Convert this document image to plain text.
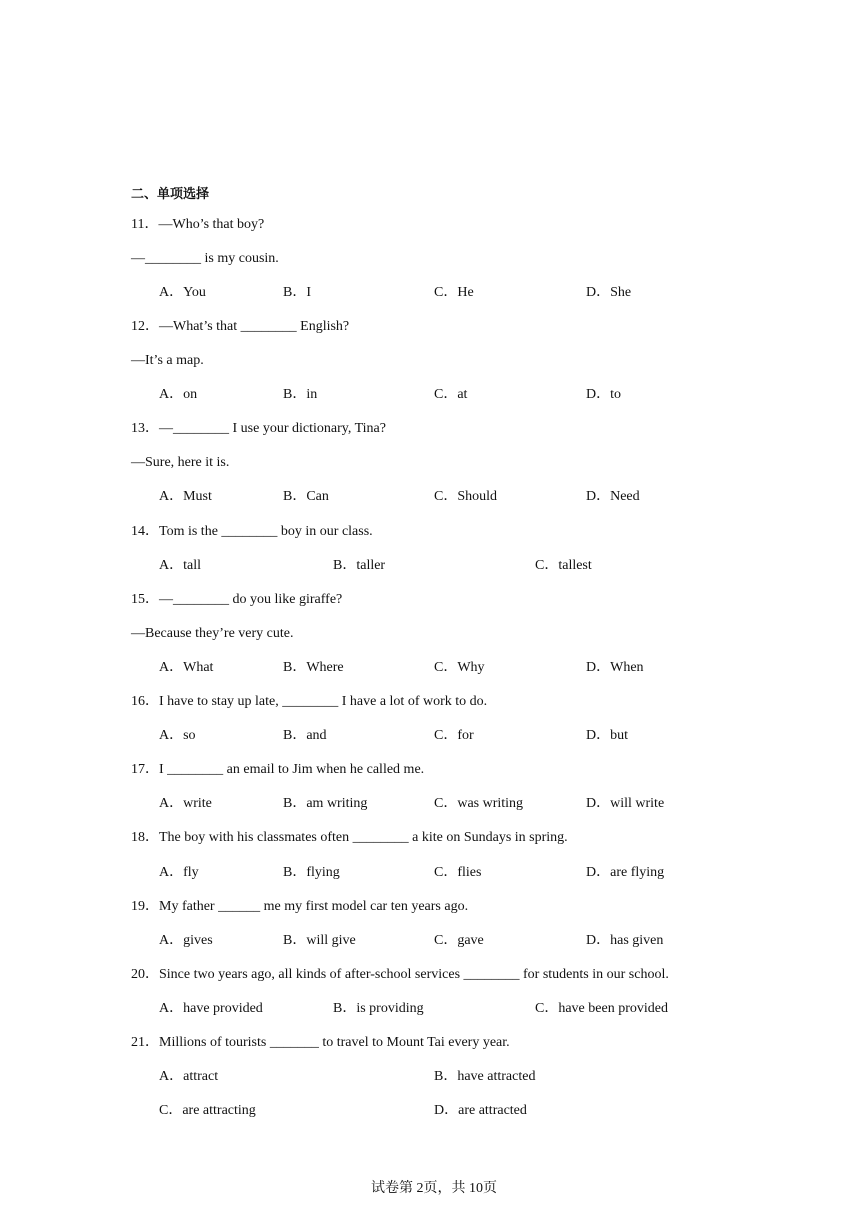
二、单项选择
11．—Who’s that boy?
—________ is my cousin.
A．You	B．I	C．He	D．She
12．—What’s that ________ English?
—It’s a map.
A．on	B．in	C．at	D．to
13．—________ I use your dictionary, Tina?
—Sure, here it is.
A．Must	B．Can	C．Should	D．Need
14．Tom is the ________ boy in our class.
A．tall	B．taller	C．tallest
15．—________ do you like giraffe?
—Because they’re very cute.
A．What	B．Where	C．Why	D．When
16．I have to stay up late, ________ I have a lot of work to do.
A．so	B．and	C．for	D．but
17．I ________ an email to Jim when he called me.
A．write	B．am writing	C．was writing	D．will write
18．The boy with his classmates often ________ a kite on Sundays in spring.
A．fly	B．flying	C．flies	D．are flying
19．My father ______ me my first model car ten years ago.
A．gives	B．will give	C．gave	D．has given
20．Since two years ago, all kinds of after-school services ________ for students in our school.
A．have provided	B．is providing	C．have been provided
21．Millions of tourists _______ to travel to Mount Tai every year.
A．attract	B．have attracted
C．are attracting	D．are attracted
试卷第 2页，共 10页
